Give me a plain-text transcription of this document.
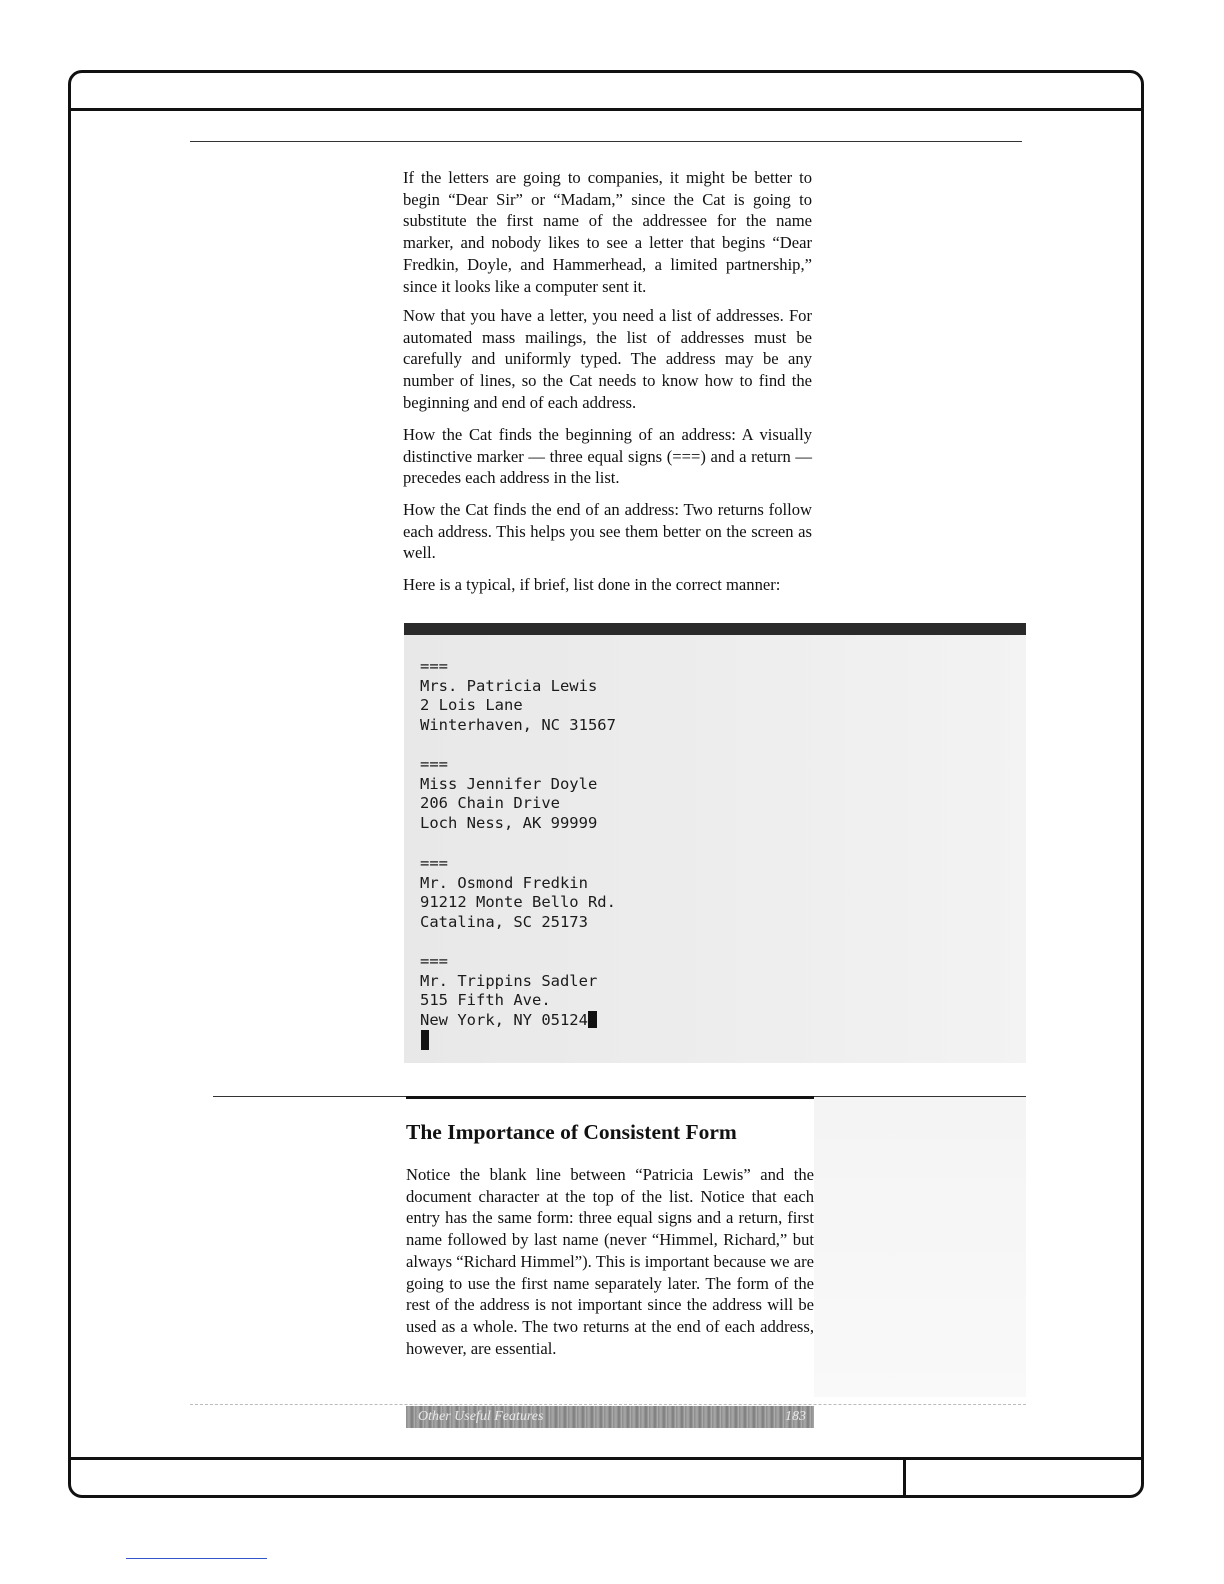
If the letters are going to companies, it might be better to begin “Dear Sir” or “Madam,” since the Cat is going to substitute the first name of the addressee for the name marker, and nobody likes to see a letter that begins “Dear Fredkin, Doyle, and Hammerhead, a limited partnership,” since it looks like a computer sent it.

Now that you have a letter, you need a list of addresses. For automated mass mailings, the list of addresses must be carefully and uniformly typed. The address may be any number of lines, so the Cat needs to know how to find the beginning and end of each address.

How the Cat finds the beginning of an address: A visually distinctive marker — three equal signs (===) and a return — precedes each address in the list.

How the Cat finds the end of an address: Two returns follow each address. This helps you see them better on the screen as well.

Here is a typical, if brief, list done in the correct manner:

===
Mrs. Patricia Lewis
2 Lois Lane
Winterhaven, NC 31567
===
Miss Jennifer Doyle
206 Chain Drive
Loch Ness, AK 99999
===
Mr. Osmond Fredkin
91212 Monte Bello Rd.
Catalina, SC 25173
===
Mr. Trippins Sadler
515 Fifth Ave.
New York, NY 05124
The Importance of Consistent Form

Notice the blank line between “Patricia Lewis” and the document character at the top of the list. Notice that each entry has the same form: three equal signs and a return, first name followed by last name (never “Himmel, Richard,” but always “Richard Himmel”). This is important because we are going to use the first name separately later. The form of the rest of the address is not important since the address will be used as a whole. The two returns at the end of each address, however, are essential.

Other Useful Features	183
